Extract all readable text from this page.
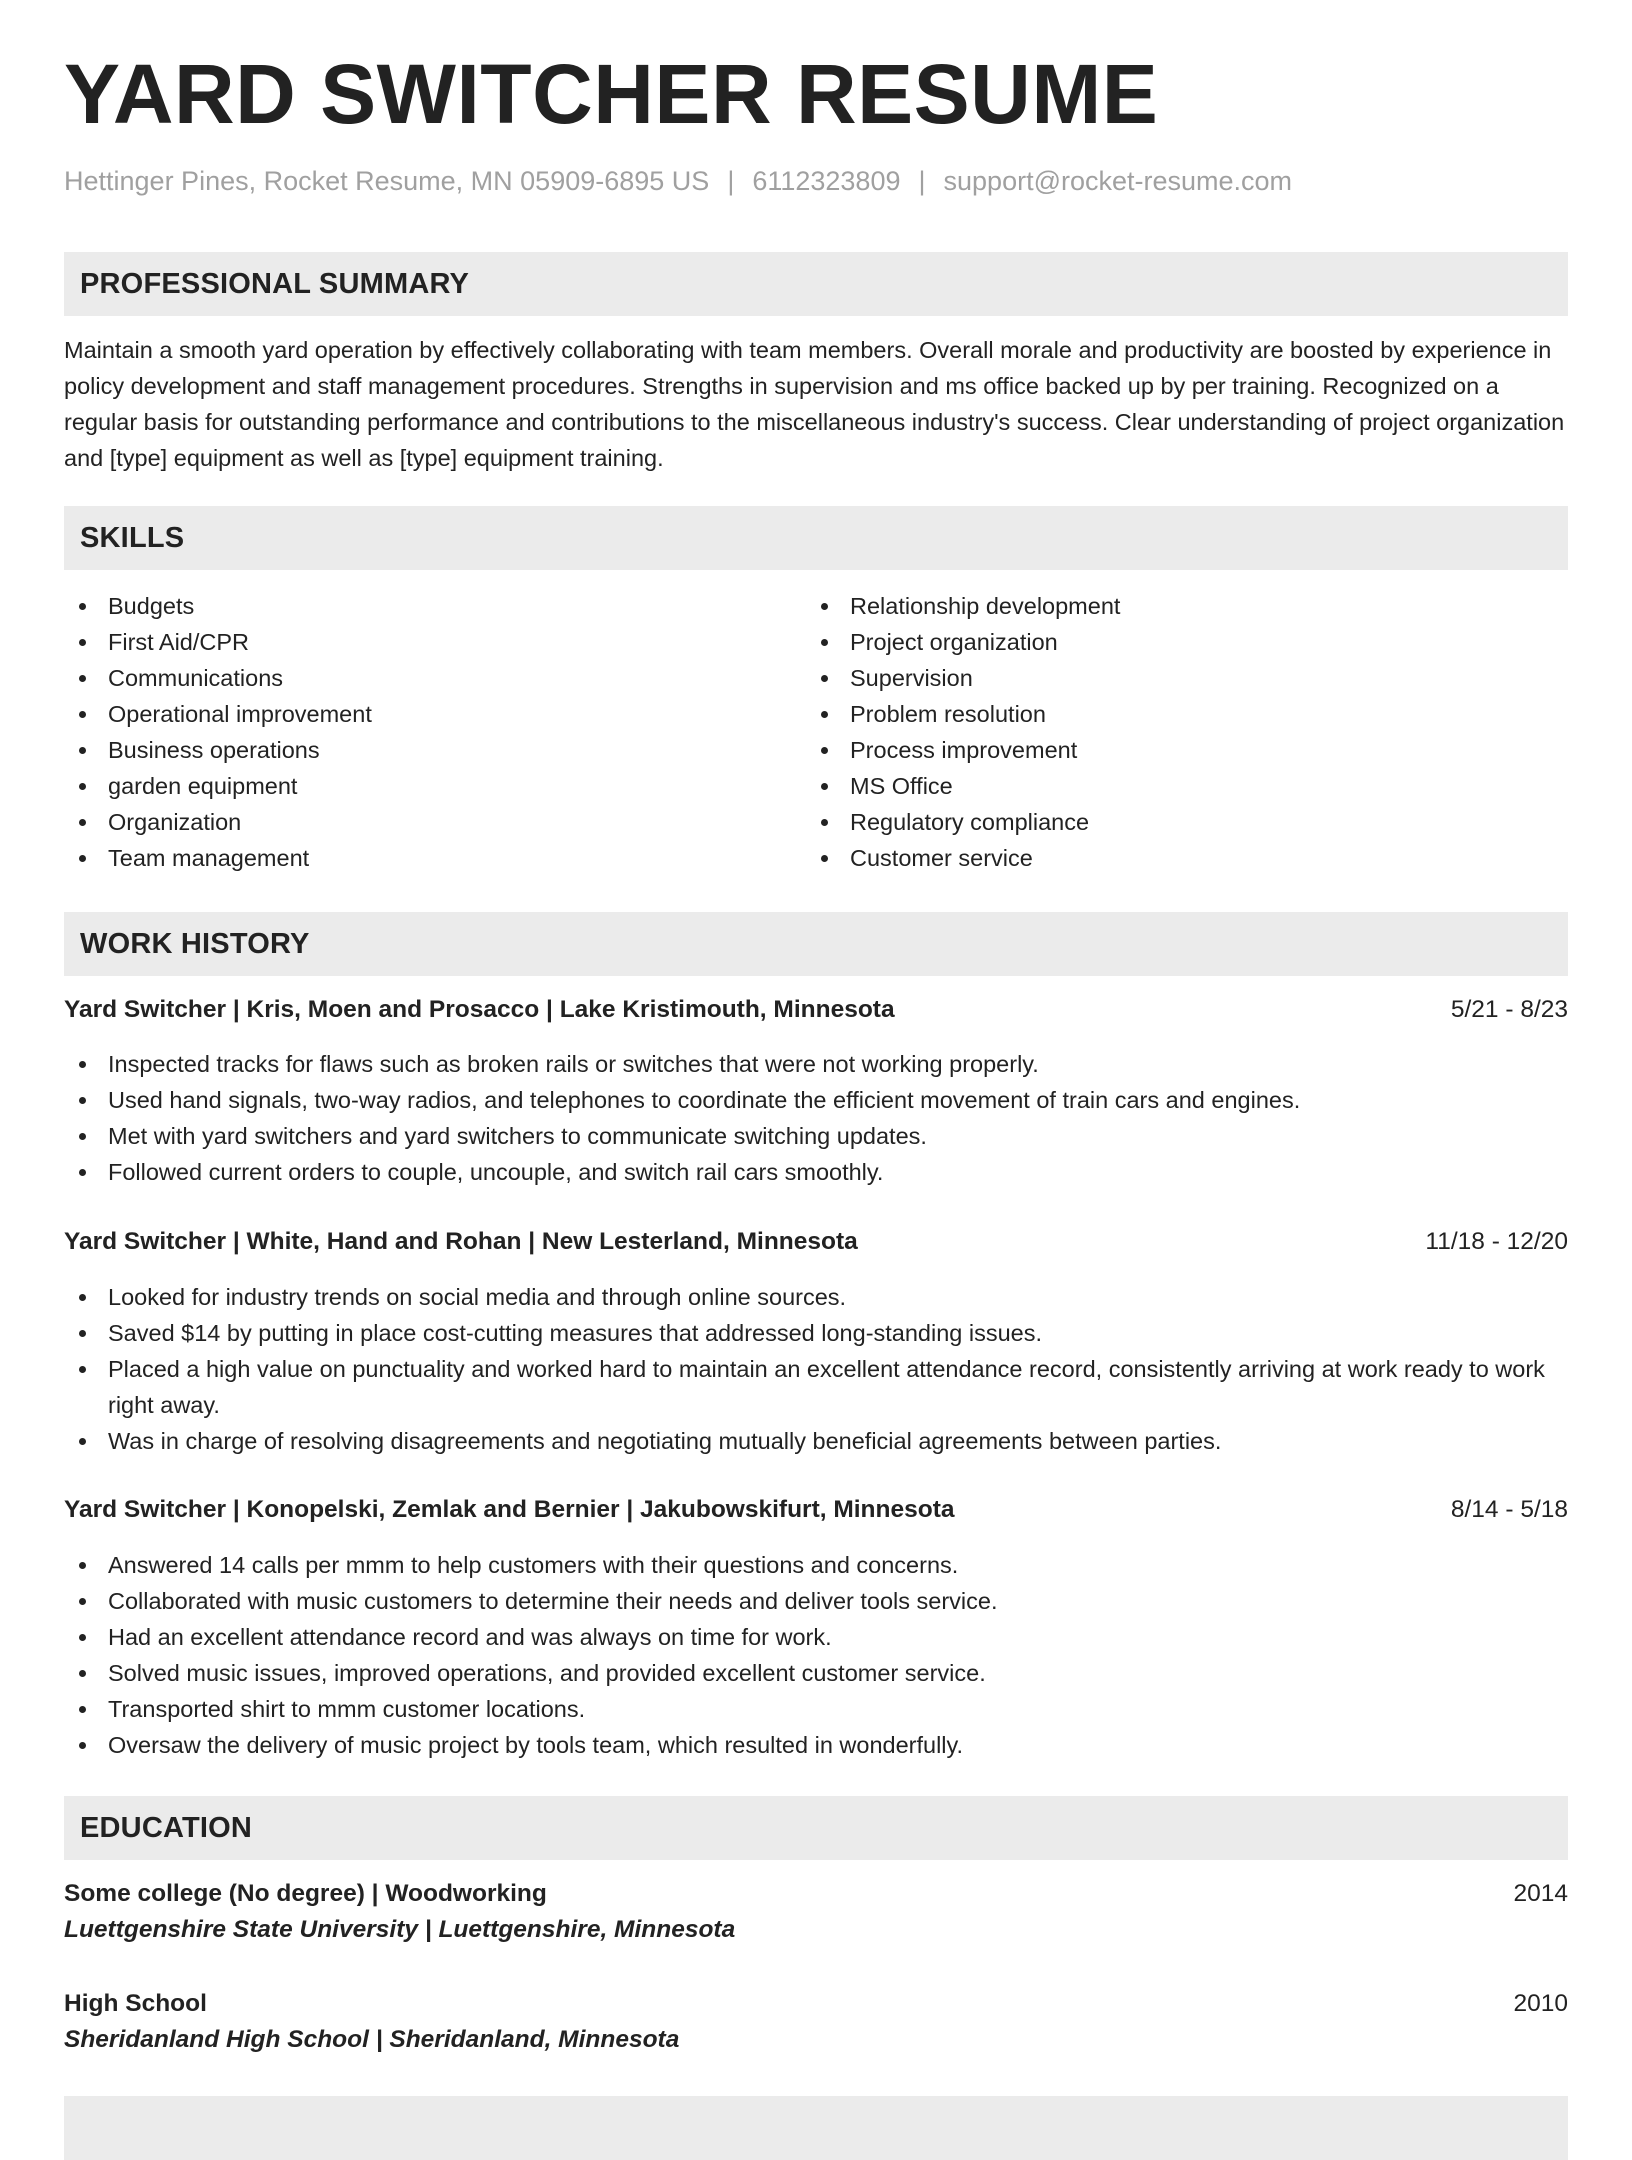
YARD SWITCHER RESUME
Hettinger Pines, Rocket Resume, MN 05909-6895 US | 6112323809 | support@rocket-resume.com
PROFESSIONAL SUMMARY
Maintain a smooth yard operation by effectively collaborating with team members. Overall morale and productivity are boosted by experience in policy development and staff management procedures. Strengths in supervision and ms office backed up by per training. Recognized on a regular basis for outstanding performance and contributions to the miscellaneous industry's success. Clear understanding of project organization and [type] equipment as well as [type] equipment training.
SKILLS
Budgets
First Aid/CPR
Communications
Operational improvement
Business operations
garden equipment
Organization
Team management
Relationship development
Project organization
Supervision
Problem resolution
Process improvement
MS Office
Regulatory compliance
Customer service
WORK HISTORY
Yard Switcher | Kris, Moen and Prosacco | Lake Kristimouth, Minnesota	5/21 - 8/23
Inspected tracks for flaws such as broken rails or switches that were not working properly.
Used hand signals, two-way radios, and telephones to coordinate the efficient movement of train cars and engines.
Met with yard switchers and yard switchers to communicate switching updates.
Followed current orders to couple, uncouple, and switch rail cars smoothly.
Yard Switcher | White, Hand and Rohan | New Lesterland, Minnesota	11/18 - 12/20
Looked for industry trends on social media and through online sources.
Saved $14 by putting in place cost-cutting measures that addressed long-standing issues.
Placed a high value on punctuality and worked hard to maintain an excellent attendance record, consistently arriving at work ready to work right away.
Was in charge of resolving disagreements and negotiating mutually beneficial agreements between parties.
Yard Switcher | Konopelski, Zemlak and Bernier | Jakubowskifurt, Minnesota	8/14 - 5/18
Answered 14 calls per mmm to help customers with their questions and concerns.
Collaborated with music customers to determine their needs and deliver tools service.
Had an excellent attendance record and was always on time for work.
Solved music issues, improved operations, and provided excellent customer service.
Transported shirt to mmm customer locations.
Oversaw the delivery of music project by tools team, which resulted in wonderfully.
EDUCATION
Some college (No degree) | Woodworking	2014
Luettgenshire State University | Luettgenshire, Minnesota
High School	2010
Sheridanland High School | Sheridanland, Minnesota
